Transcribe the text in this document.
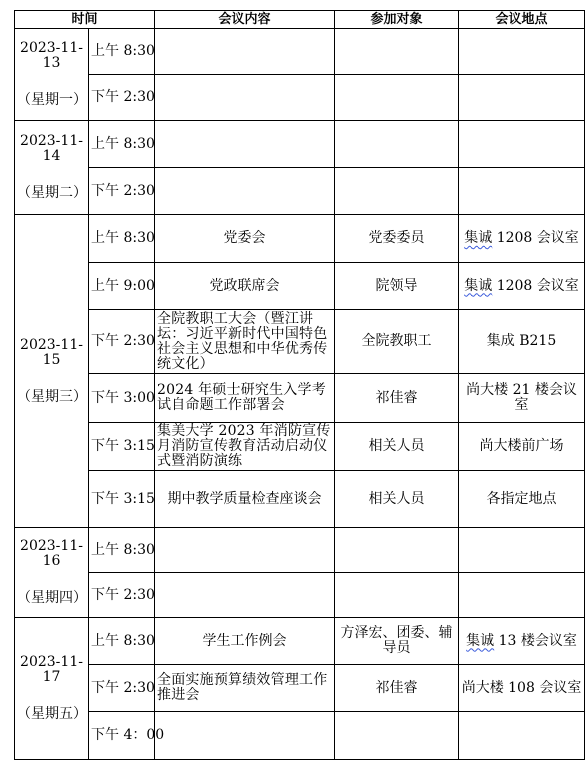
时间		会议内容	参加对象	会议地点

2023-11-13
（星期一）	上午 8:30			
	下午 2:30			

2023-11-14
（星期二）	上午 8:30			
	下午 2:30			

2023-11-15
（星期三）	上午 8:30	党委会	党委委员	集诚 1208 会议室
	上午 9:00	党政联席会	院领导	集诚 1208 会议室
	下午 2:30	全院教职工大会（暨江讲坛：习近平新时代中国特色社会主义思想和中华优秀传统文化）	全院教职工	集成 B215
	下午 3:00	2024 年硕士研究生入学考试自命题工作部署会	祁佳睿	尚大楼 21 楼会议室
	下午 3:15	集美大学 2023 年消防宣传月消防宣传教育活动启动仪式暨消防演练	相关人员	尚大楼前广场
	下午 3:15	期中教学质量检查座谈会	相关人员	各指定地点

2023-11-16
（星期四）	上午 8:30			
	下午 2:30			

2023-11-17
（星期五）	上午 8:30	学生工作例会	方泽宏、团委、辅导员	集诚 13 楼会议室
	下午 2:30	全面实施预算绩效管理工作推进会	祁佳睿	尚大楼 108 会议室
	下午 4：00			
